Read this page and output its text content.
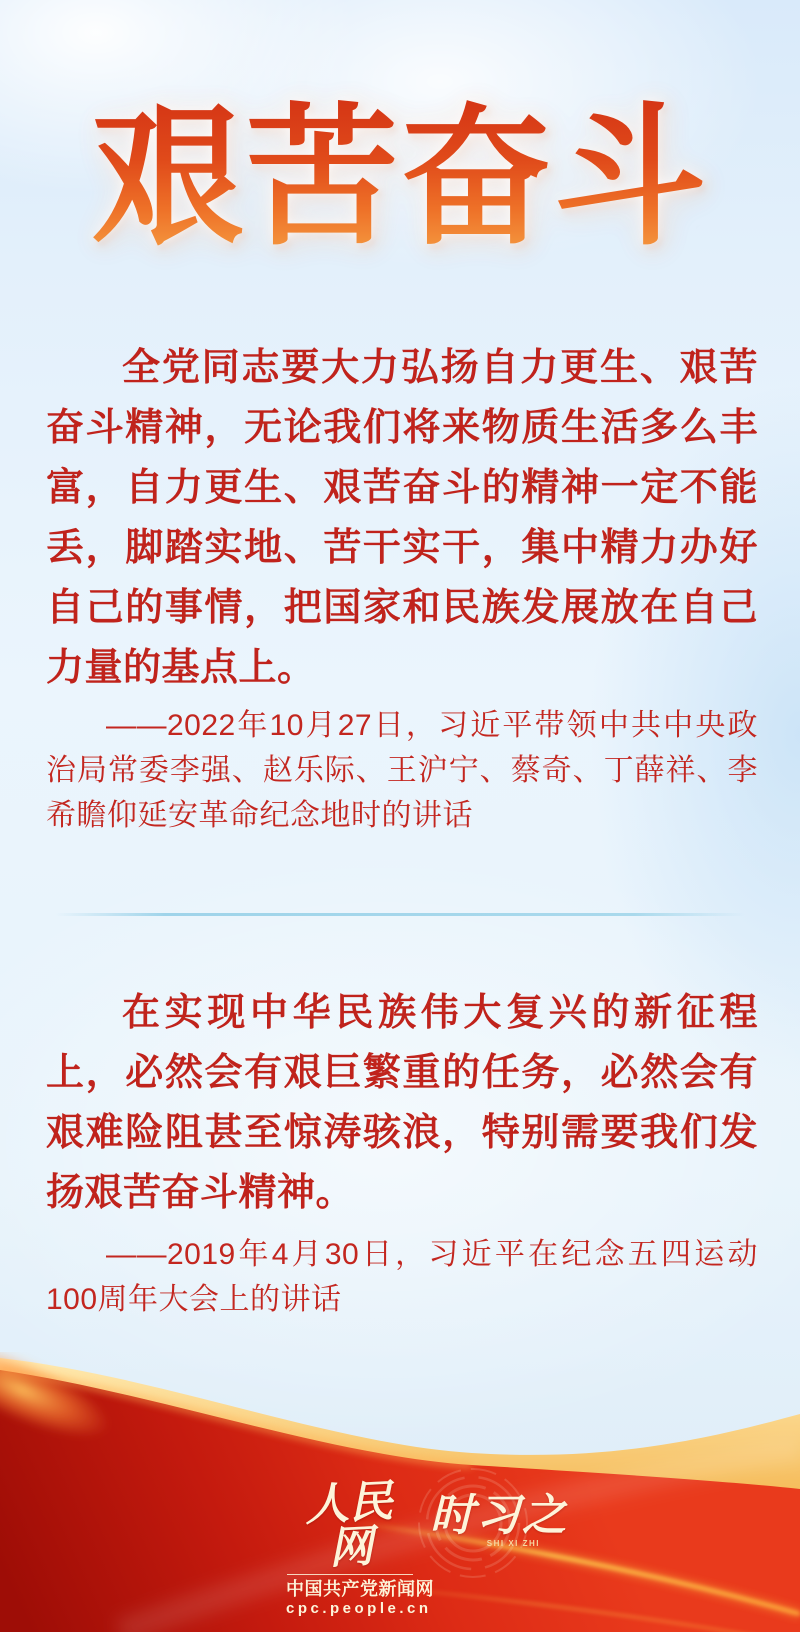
艰苦奋斗

全党同志要大力弘扬自力更生、艰苦奋斗精神，无论我们将来物质生活多么丰富，自力更生、艰苦奋斗的精神一定不能丢，脚踏实地、苦干实干，集中精力办好自己的事情，把国家和民族发展放在自己力量的基点上。

——2022年10月27日，习近平带领中共中央政治局常委李强、赵乐际、王沪宁、蔡奇、丁薛祥、李希瞻仰延安革命纪念地时的讲话

在实现中华民族伟大复兴的新征程上，必然会有艰巨繁重的任务，必然会有艰难险阻甚至惊涛骇浪，特别需要我们发扬艰苦奋斗精神。

——2019年4月30日，习近平在纪念五四运动100周年大会上的讲话

人民网
中国共产党新闻网
cpc.people.cn
时习之
SHI XI ZHI
